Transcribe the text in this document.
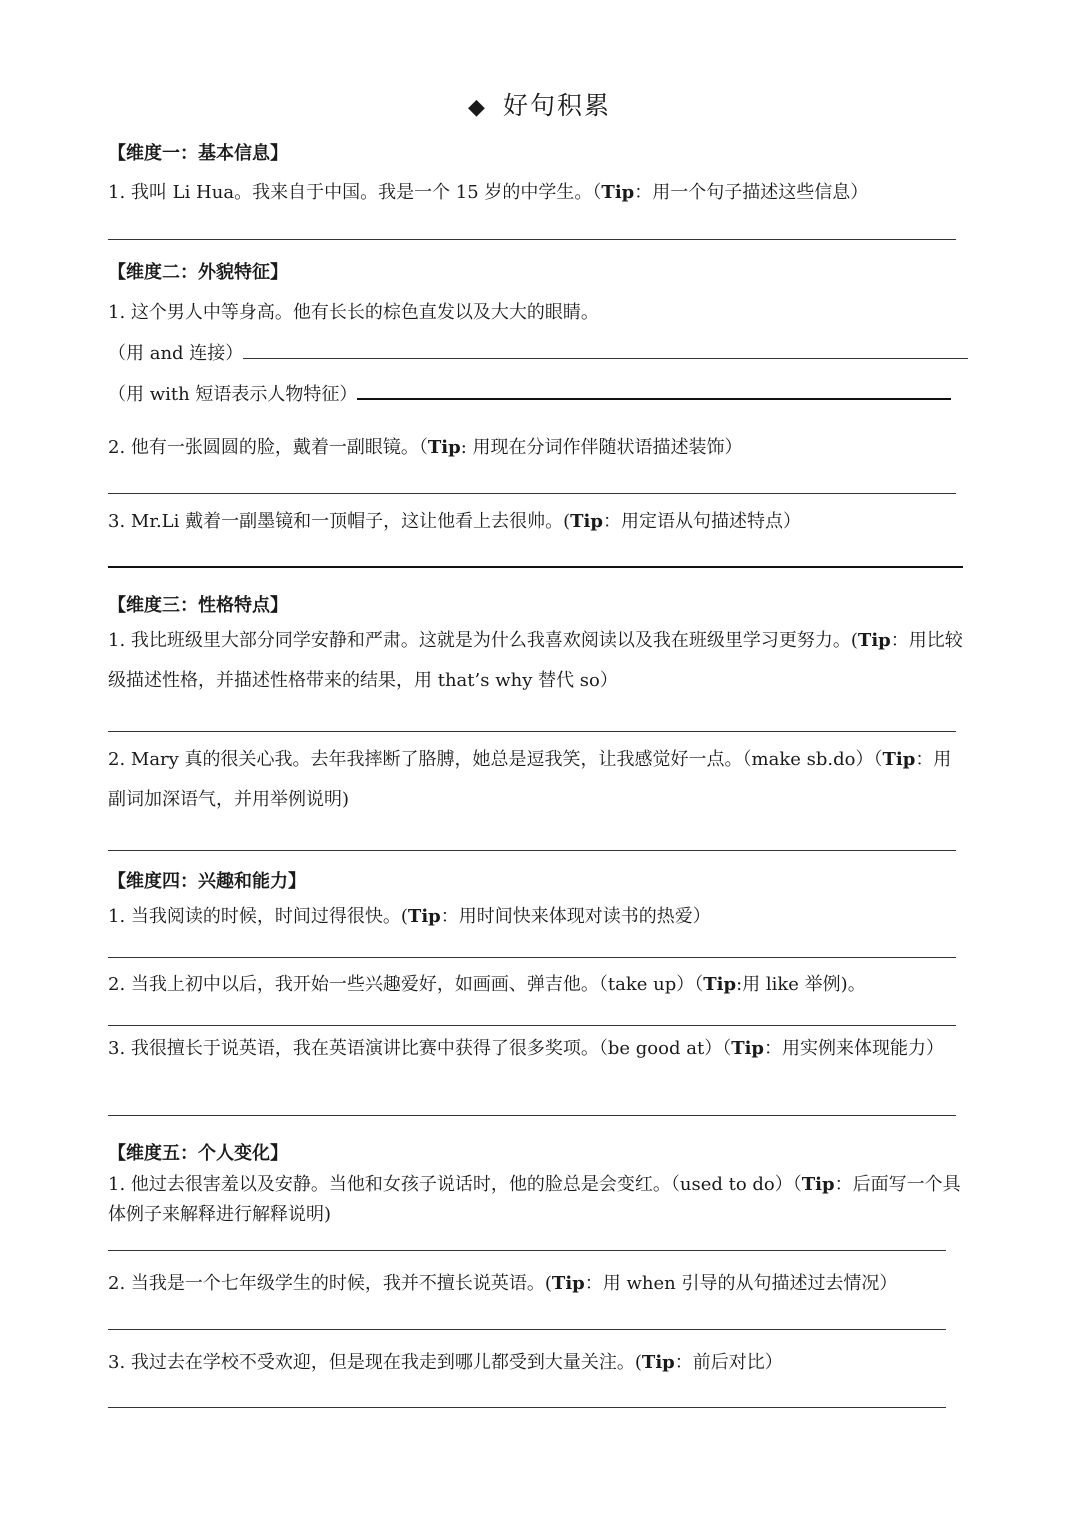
◆ 好句积累
【维度一：基本信息】
1. 我叫 Li Hua。我来自于中国。我是一个 15 岁的中学生。（Tip：用一个句子描述这些信息）
【维度二：外貌特征】
1. 这个男人中等身高。他有长长的棕色直发以及大大的眼睛。
（用 and 连接）
（用 with 短语表示人物特征）
2. 他有一张圆圆的脸，戴着一副眼镜。（Tip: 用现在分词作伴随状语描述装饰）
3. Mr.Li 戴着一副墨镜和一顶帽子，这让他看上去很帅。(Tip：用定语从句描述特点）
【维度三：性格特点】
1. 我比班级里大部分同学安静和严肃。这就是为什么我喜欢阅读以及我在班级里学习更努力。(Tip：用比较级描述性格，并描述性格带来的结果，用 that’s why 替代 so）
2. Mary 真的很关心我。去年我摔断了胳膊，她总是逗我笑，让我感觉好一点。（make sb.do）（Tip：用副词加深语气，并用举例说明)
【维度四：兴趣和能力】
1. 当我阅读的时候，时间过得很快。(Tip：用时间快来体现对读书的热爱）
2. 当我上初中以后，我开始一些兴趣爱好，如画画、弹吉他。（take up）（Tip:用 like 举例)。
3. 我很擅长于说英语，我在英语演讲比赛中获得了很多奖项。（be good at）（Tip：用实例来体现能力）
【维度五：个人变化】
1. 他过去很害羞以及安静。当他和女孩子说话时，他的脸总是会变红。（used to do）（Tip：后面写一个具体例子来解释进行解释说明)
2. 当我是一个七年级学生的时候，我并不擅长说英语。(Tip：用 when 引导的从句描述过去情况）
3. 我过去在学校不受欢迎，但是现在我走到哪儿都受到大量关注。(Tip：前后对比）
